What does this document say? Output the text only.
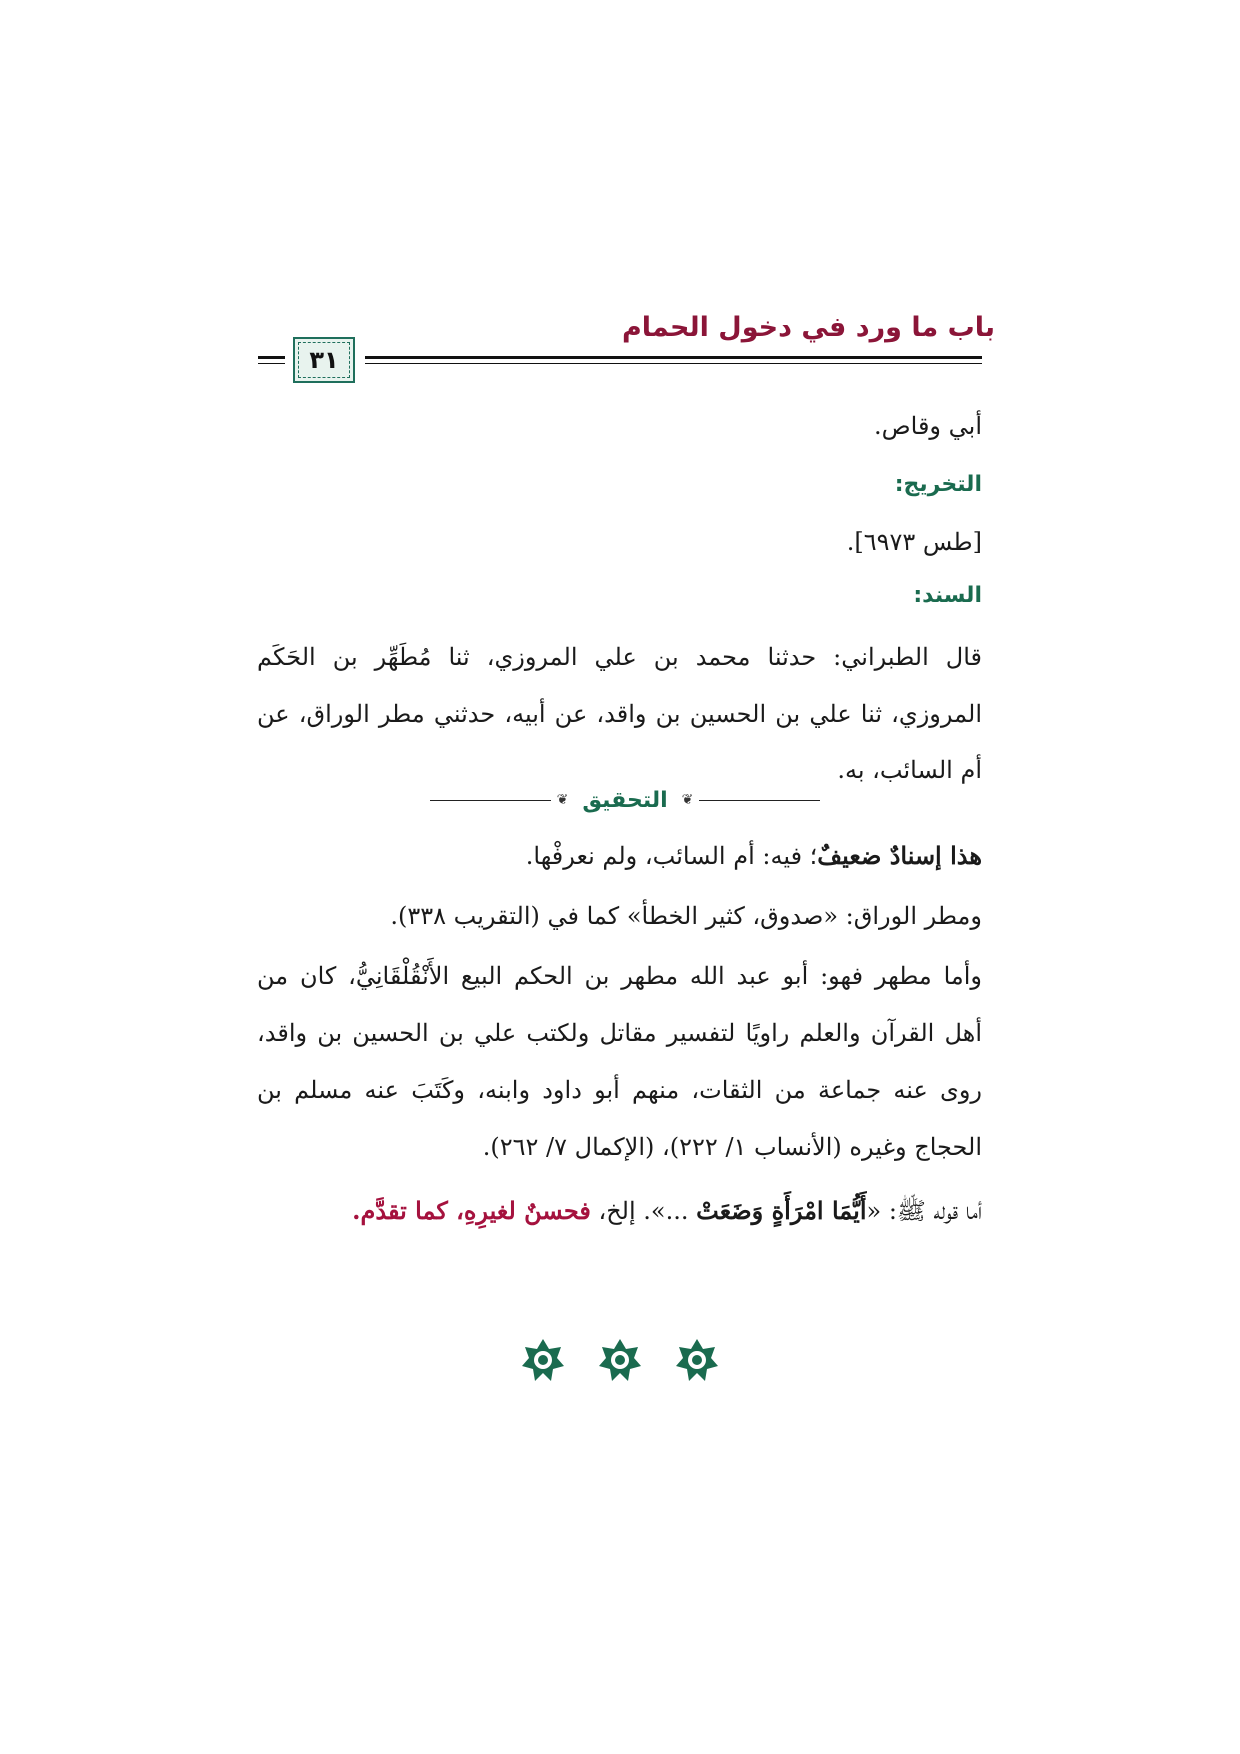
باب ما ورد في دخول الحمام
٣١
أبي وقاص.
التخريج:
[طس ٦٩٧٣].
السند:
قال الطبراني: حدثنا محمد بن علي المروزي، ثنا مُطَهِّر بن الحَكَم
المروزي، ثنا علي بن الحسين بن واقد، عن أبيه، حدثني مطر الوراق، عن
أم السائب، به.
❦
التحقيق
❦
هذا إسنادٌ ضعيفٌ؛ فيه: أم السائب، ولم نعرفْها.
ومطر الوراق: «صدوق، كثير الخطأ» كما في (التقريب ٣٣٨).
وأما مطهر فهو: أبو عبد الله مطهر بن الحكم البيع الأَنْقُلْقَانِيُّ، كان من
أهل القرآن والعلم راويًا لتفسير مقاتل ولكتب علي بن الحسين بن واقد،
روى عنه جماعة من الثقات، منهم أبو داود وابنه، وكَتَبَ عنه مسلم بن
الحجاج وغيره (الأنساب ١/ ٢٢٢)، (الإكمال ٧/ ٢٦٢).
أما قوله ﷺ: «أَيُّمَا امْرَأَةٍ وَضَعَتْ ...». إلخ، فحسنٌ لغيرِهِ، كما تقدَّم.
